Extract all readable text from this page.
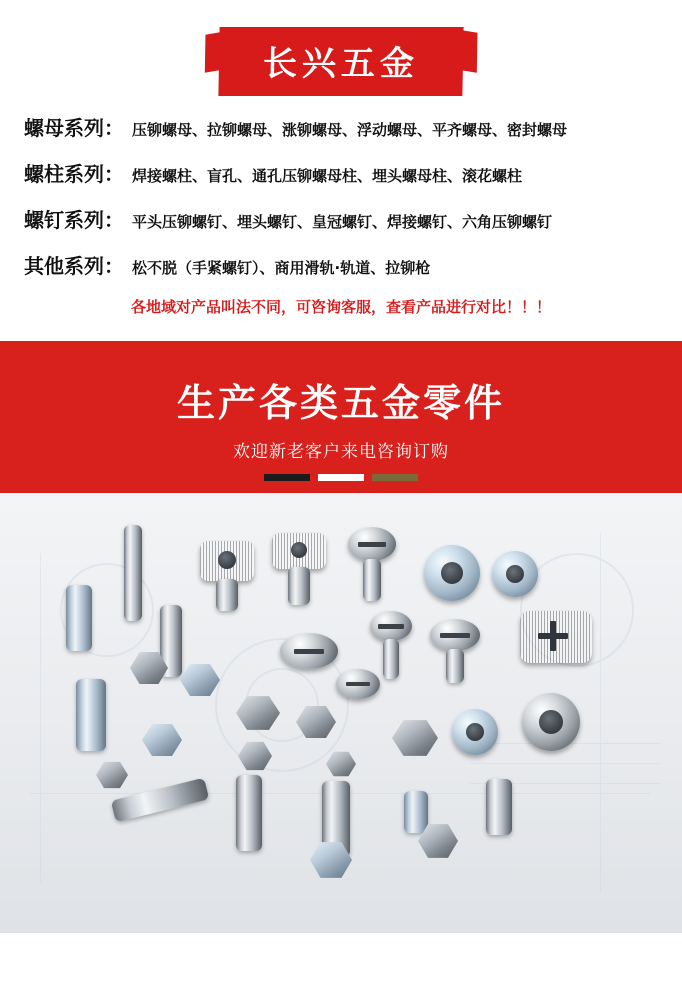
长兴五金
螺母系列： 压铆螺母、拉铆螺母、涨铆螺母、浮动螺母、平齐螺母、密封螺母
螺柱系列： 焊接螺柱、盲孔、通孔压铆螺母柱、埋头螺母柱、滚花螺柱
螺钉系列： 平头压铆螺钉、埋头螺钉、皇冠螺钉、焊接螺钉、六角压铆螺钉
其他系列： 松不脱（手紧螺钉）、商用滑轨·轨道、拉铆枪
各地域对产品叫法不同，可咨询客服，查看产品进行对比！！！
生产各类五金零件
欢迎新老客户来电咨询订购
